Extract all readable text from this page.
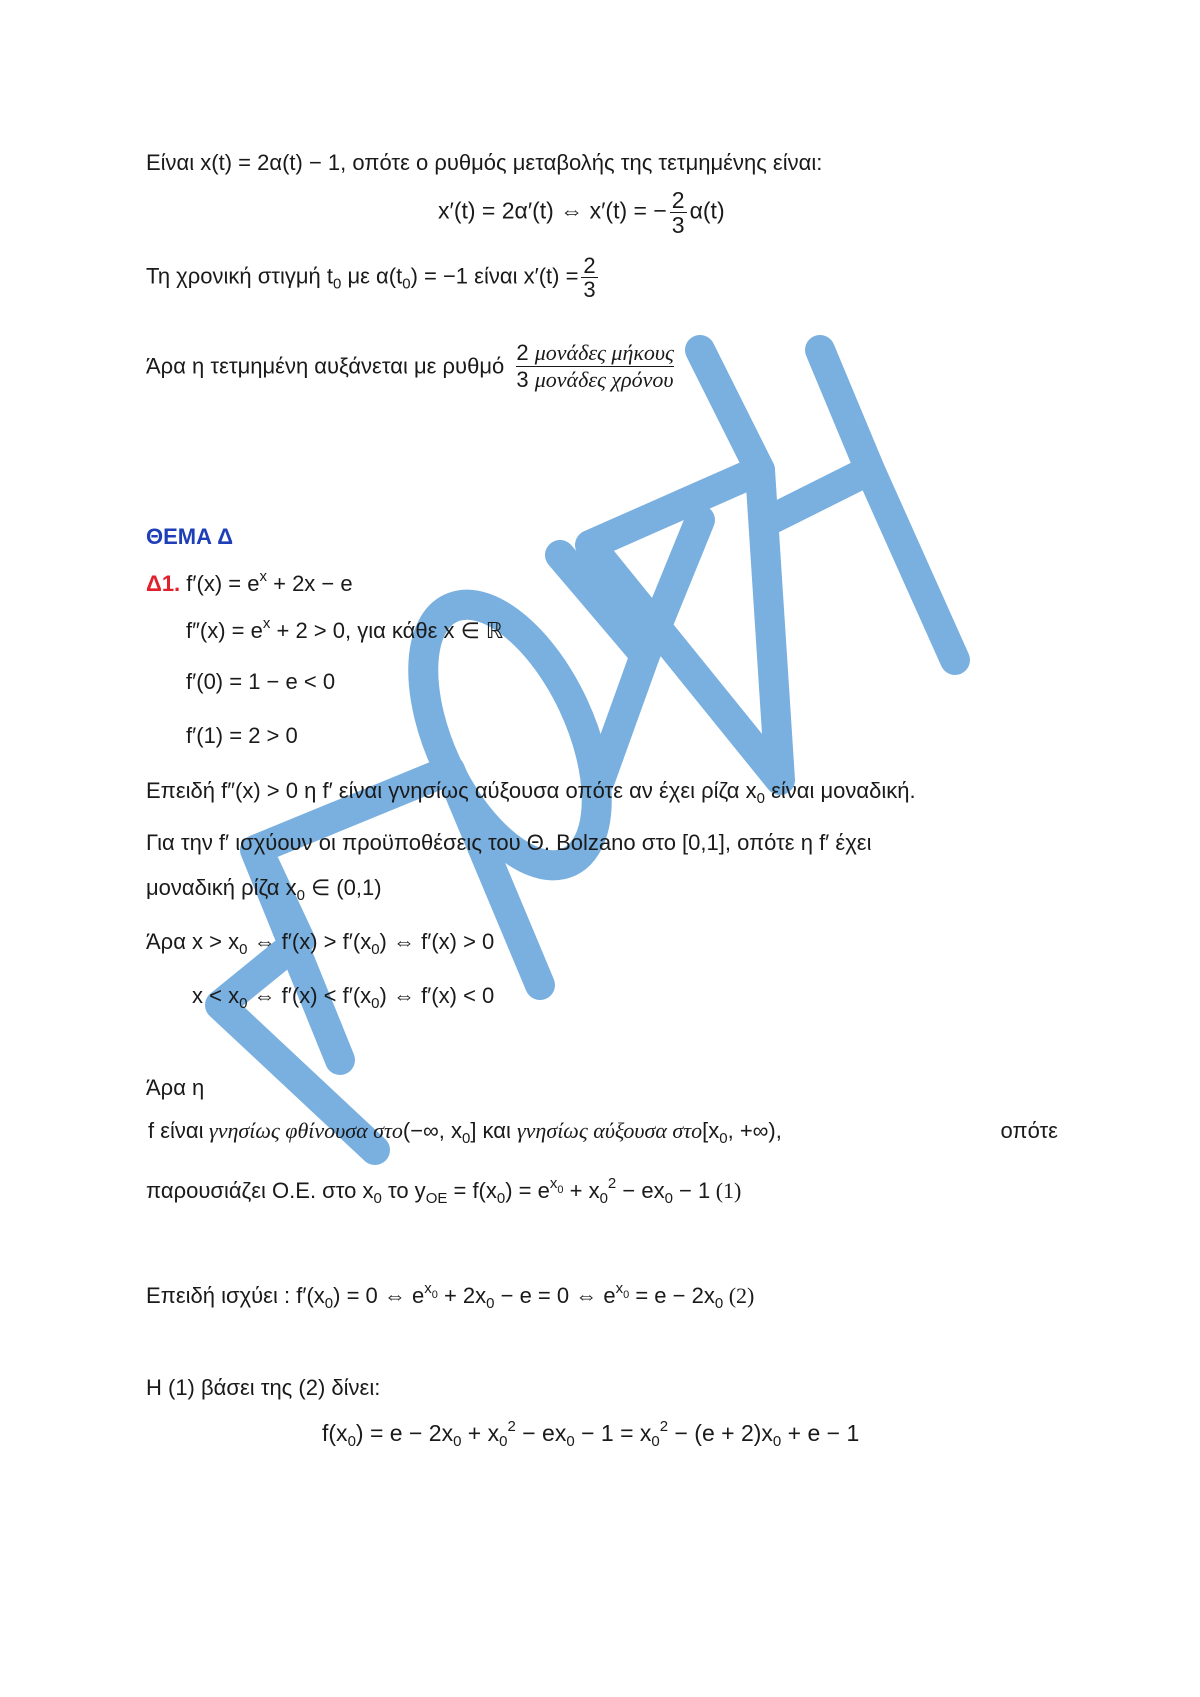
Είναι x(t) = 2α(t) − 1, οπότε ο ρυθμός μεταβολής της τετμημένης είναι:
x′(t) = 2α′(t) ⇔ x′(t) = − $\frac{2}{3} \alpha(t)$
Τη χρονική στιγμή $t_0$ με $\alpha(t_0) = -1$ είναι $x'(t) = \frac{2}{3}$
Άρα η τετμημένη αυξάνεται με ρυθμό
2 μονάδες μήκους
3 μονάδες χρόνου
ΘΕΜΑ Δ
Δ1. $f'(x) = e^x + 2x - e$
$f''(x) = e^x + 2 > 0$, για κάθε x ∈ ℝ
f′(0) = 1 − e < 0
f′(1) = 2 > 0
Επειδή f″(x) > 0 η f′ είναι γνησίως αύξουσα οπότε αν έχει ρίζα $x_0$ είναι μοναδική.
Για την f′ ισχύουν οι προϋποθέσεις του Θ. Bolzano στο [0,1], οπότε η f′ έχει
μοναδική ρίζα $x_0$ ∈ (0,1)
Άρα $x > x_0$ ⇔ $f'(x) > f'(x_0)$ ⇔ f′(x) > 0
$x < x_0$ ⇔ $f'(x) < f'(x_0)$ ⇔ f′(x) < 0
Άρα η
f είναι γνησίως φθίνουσα στο(−∞, $x_0$] και γνησίως αύξουσα $\sigma\tau o[x_0$, +∞),	οπότε
παρουσιάζει Ο.Ε. στο $x_0$ το $y_{OE} = f(x_0) = e^{x_0} + x_0^2 - ex_0 - 1$ (1)
Επειδή ισχύει : $f'(x_0) = 0$ ⇔ $e^{x_0} + 2x_0 - e = 0$ ⇔ $e^{x_0} = e - 2x_0$ (2)
Η (1) βάσει της (2) δίνει:
$f(x_0) = e - 2x_0 + x_0^2 - ex_0 - 1 = x_0^2 - (e + 2)x_0 + e - 1$
